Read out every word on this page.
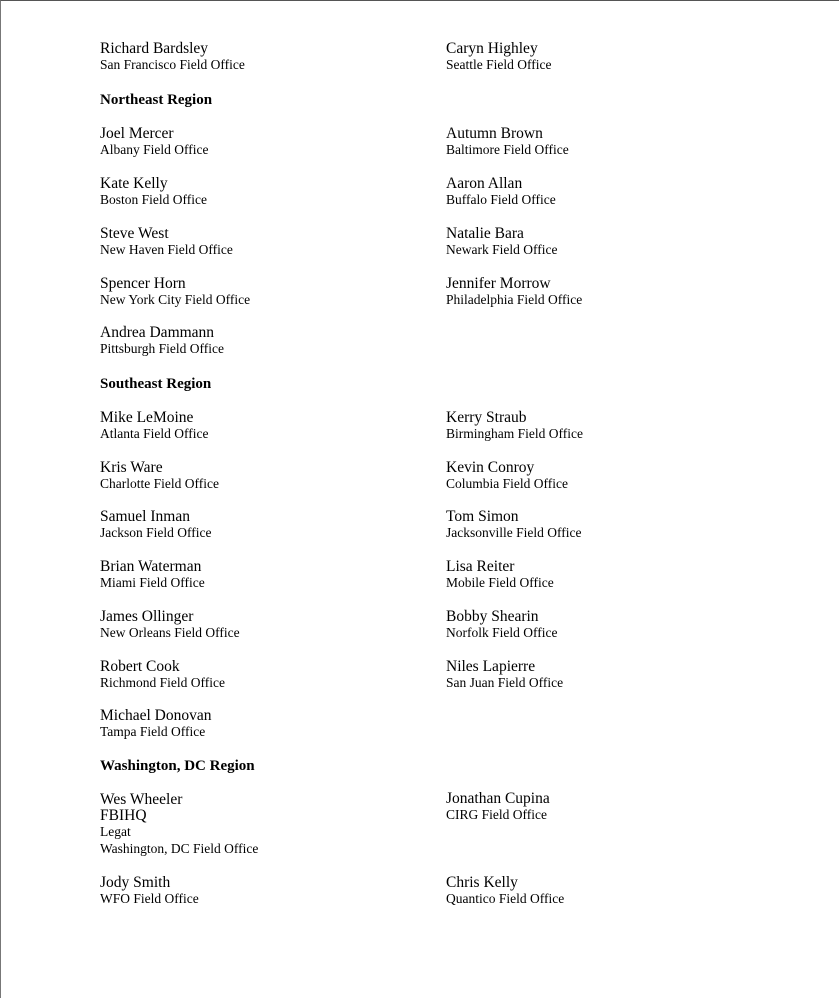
Richard Bardsley
San Francisco Field Office
Caryn Highley
Seattle Field Office
Northeast Region
Joel Mercer
Albany Field Office
Autumn Brown
Baltimore Field Office
Kate Kelly
Boston Field Office
Aaron Allan
Buffalo Field Office
Steve West
New Haven Field Office
Natalie Bara
Newark Field Office
Spencer Horn
New York City Field Office
Jennifer Morrow
Philadelphia Field Office
Andrea Dammann
Pittsburgh Field Office
Southeast Region
Mike LeMoine
Atlanta Field Office
Kerry Straub
Birmingham Field Office
Kris Ware
Charlotte Field Office
Kevin Conroy
Columbia Field Office
Samuel Inman
Jackson Field Office
Tom Simon
Jacksonville Field Office
Brian Waterman
Miami Field Office
Lisa Reiter
Mobile Field Office
James Ollinger
New Orleans Field Office
Bobby Shearin
Norfolk Field Office
Robert Cook
Richmond Field Office
Niles Lapierre
San Juan Field Office
Michael Donovan
Tampa Field Office
Washington, DC Region
Wes Wheeler
FBIHQ
Legat
Washington, DC Field Office
Jonathan Cupina
CIRG Field Office
Jody Smith
WFO Field Office
Chris Kelly
Quantico Field Office
